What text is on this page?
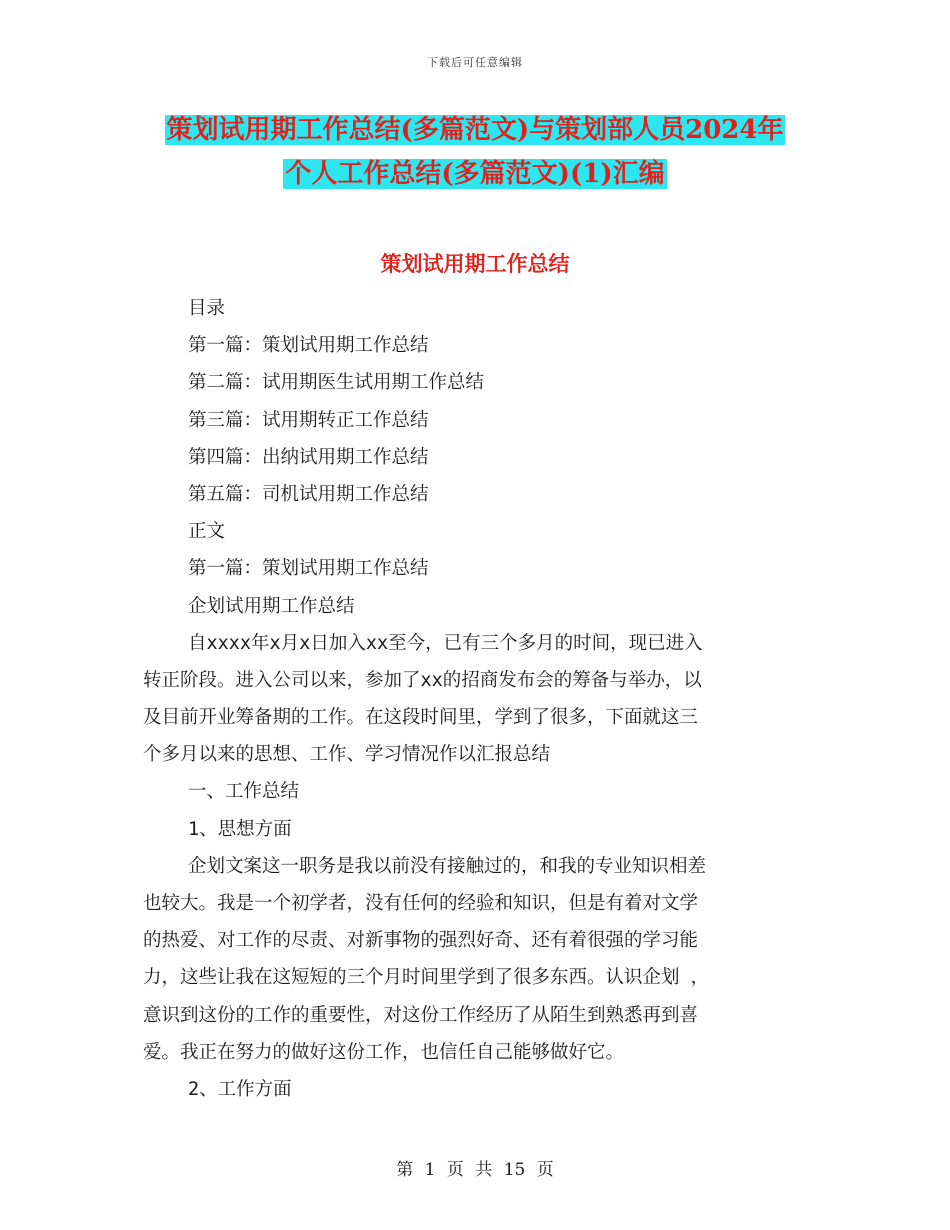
下载后可任意编辑
策划试用期工作总结(多篇范文)与策划部人员2024年
个人工作总结(多篇范文)(1)汇编
策划试用期工作总结
目录
第一篇：策划试用期工作总结
第二篇：试用期医生试用期工作总结
第三篇：试用期转正工作总结
第四篇：出纳试用期工作总结
第五篇：司机试用期工作总结
正文
第一篇：策划试用期工作总结
企划试用期工作总结
自xxxx年x月x日加入xx至今，已有三个多月的时间，现已进入
转正阶段。进入公司以来，参加了xx的招商发布会的筹备与举办，以
及目前开业筹备期的工作。在这段时间里，学到了很多，下面就这三
个多月以来的思想、工作、学习情况作以汇报总结
一、工作总结
1、思想方面
企划文案这一职务是我以前没有接触过的，和我的专业知识相差
也较大。我是一个初学者，没有任何的经验和知识，但是有着对文学
的热爱、对工作的尽责、对新事物的强烈好奇、还有着很强的学习能
力，这些让我在这短短的三个月时间里学到了很多东西。认识企划 ，
意识到这份的工作的重要性，对这份工作经历了从陌生到熟悉再到喜
爱。我正在努力的做好这份工作，也信任自己能够做好它。
2、工作方面
第 1 页 共 15 页
